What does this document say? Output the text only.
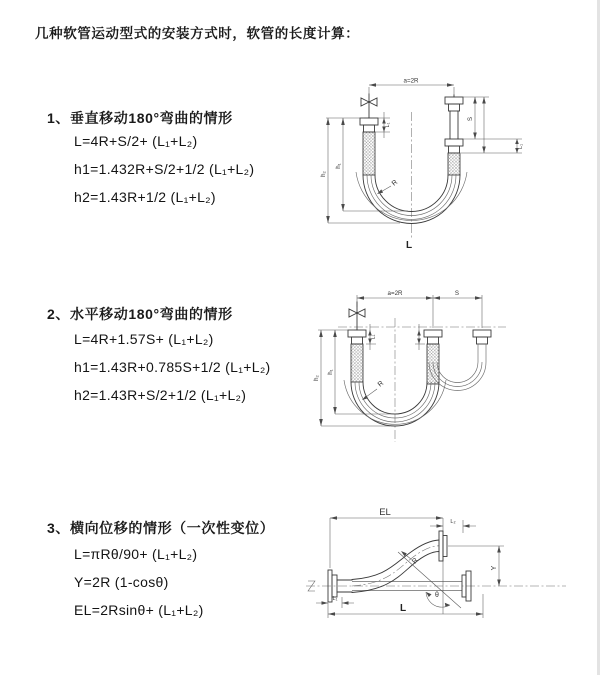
几种软管运动型式的安装方式时，软管的长度计算：
1、垂直移动180°弯曲的情形
L=4R+S/2+ (L₁+L₂)
h1=1.432R+S/2+1/2 (L₁+L₂)
h2=1.43R+1/2 (L₁+L₂)
2、水平移动180°弯曲的情形
L=4R+1.57S+ (L₁+L₂)
h1=1.43R+0.785S+1/2 (L₁+L₂)
h2=1.43R+S/2+1/2 (L₁+L₂)
3、横向位移的情形（一次性变位）
L=πRθ/90+ (L₁+L₂)
Y=2R (1-cosθ)
EL=2Rsinθ+ (L₁+L₂)
a=2R
R
h₁
h₂
L₁
S
L₁
L
a=2R	S
R
h₁
h₂
L₁
θ
R
EL
L₂
Y
L
L₁
